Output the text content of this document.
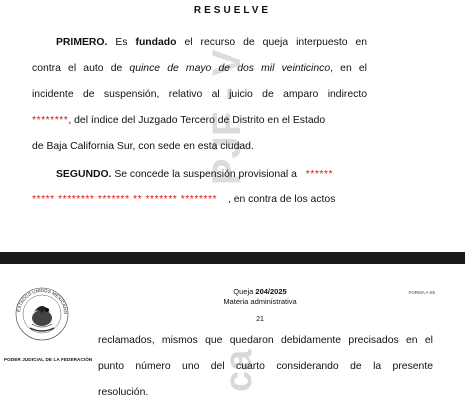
PJF - V
RESUELVE
PRIMERO. Es fundado el recurso de queja interpuesto en
contra el auto de quince de mayo de dos mil veinticinco, en el
incidente de suspensión, relativo al juicio de amparo indirecto
********, del índice del Juzgado Tercero de Distrito en el Estado
de Baja California Sur, con sede en esta ciudad.
SEGUNDO. Se concede la suspensión provisional a ******
***** ******** ******* ** ******* ******** , en contra de los actos
ca
ESTADOS UNIDOS MEXICANO
PODER JUDICIAL DE LA FEDERACIÓN
Queja 204/2025
Materia administrativa
21
FORMA A-55
reclamados, mismos que quedaron debidamente precisados en el
punto número uno del cuarto considerando de la presente
resolución.
